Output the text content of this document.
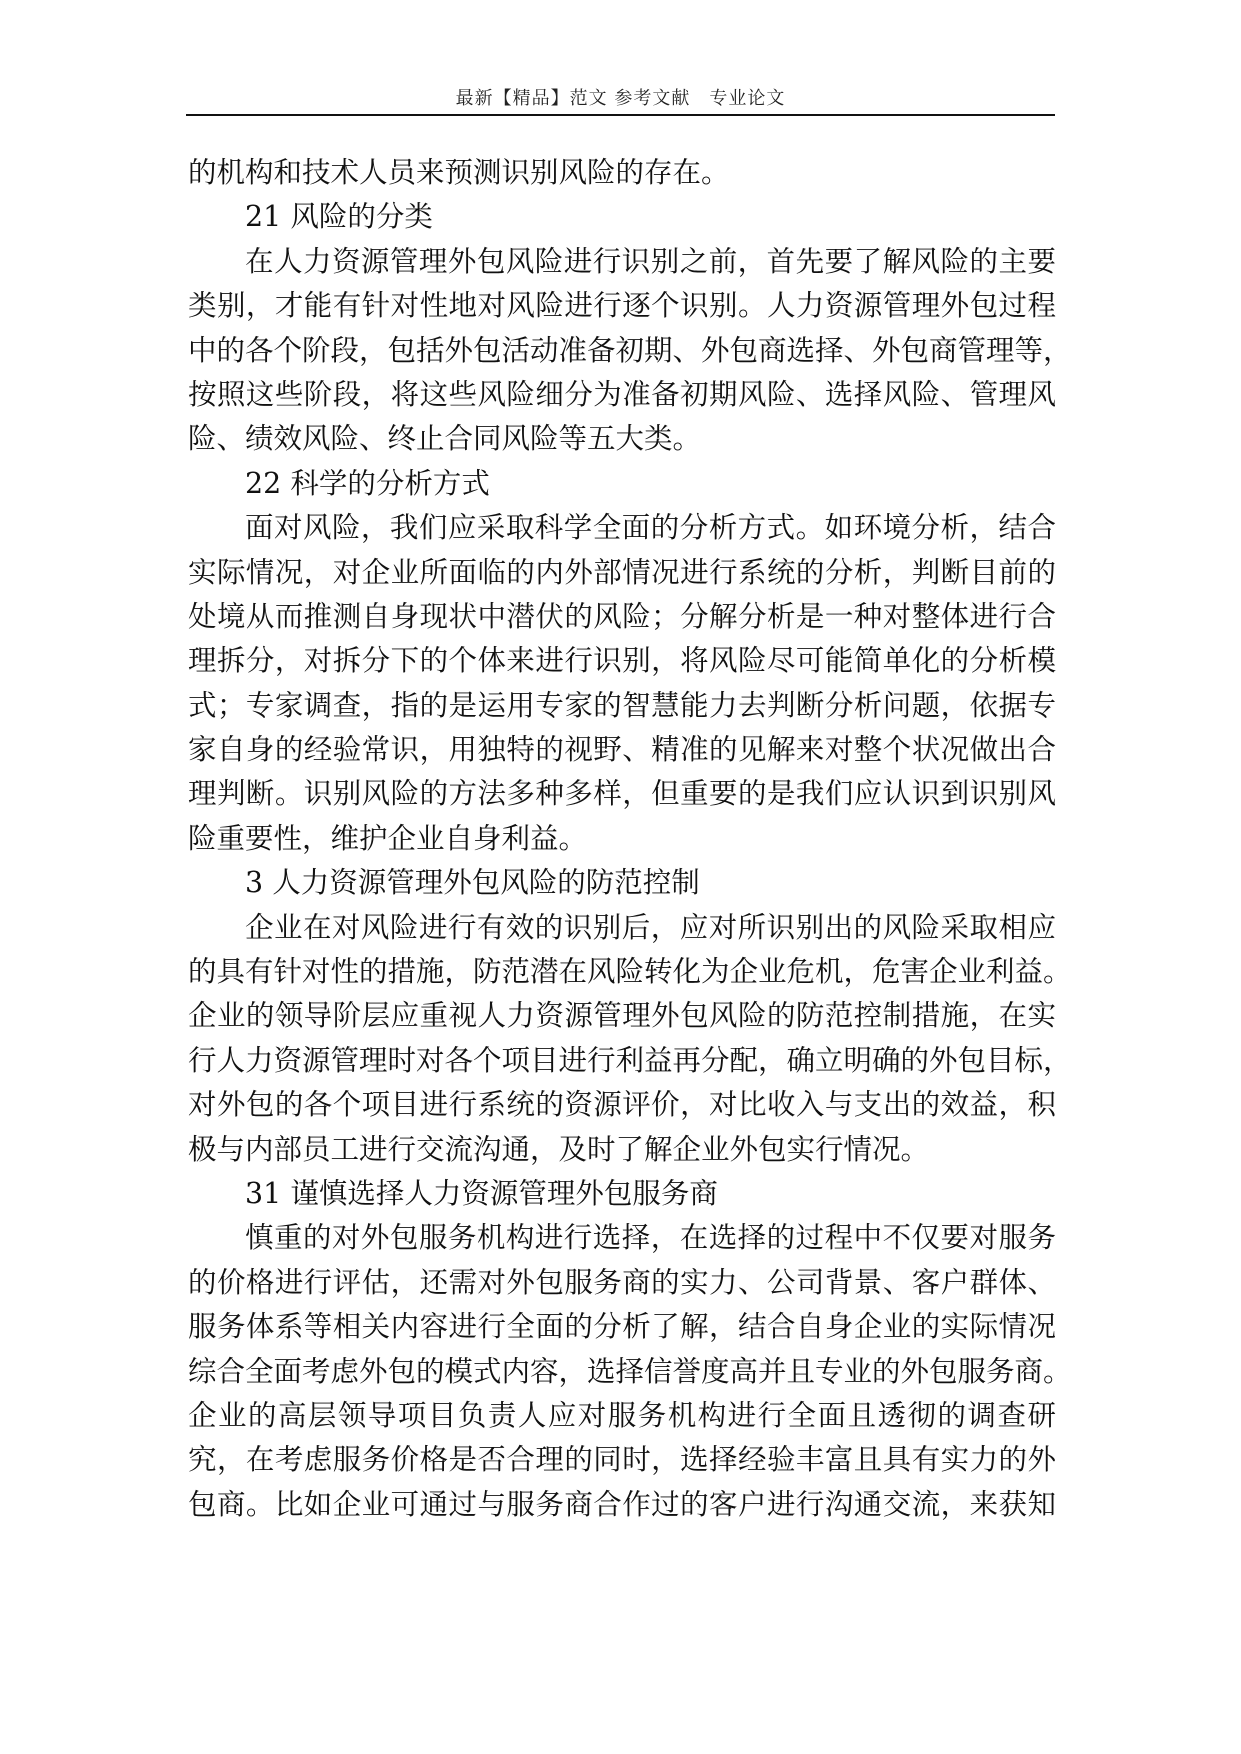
最新【精品】范文 参考文献　专业论文
的机构和技术人员来预测识别风险的存在。
21 风险的分类
在人力资源管理外包风险进行识别之前，首先要了解风险的主要
类别，才能有针对性地对风险进行逐个识别。人力资源管理外包过程
中的各个阶段，包括外包活动准备初期、外包商选择、外包商管理等，
按照这些阶段，将这些风险细分为准备初期风险、选择风险、管理风
险、绩效风险、终止合同风险等五大类。
22 科学的分析方式
面对风险，我们应采取科学全面的分析方式。如环境分析，结合
实际情况，对企业所面临的内外部情况进行系统的分析，判断目前的
处境从而推测自身现状中潜伏的风险；分解分析是一种对整体进行合
理拆分，对拆分下的个体来进行识别，将风险尽可能简单化的分析模
式；专家调查，指的是运用专家的智慧能力去判断分析问题，依据专
家自身的经验常识，用独特的视野、精准的见解来对整个状况做出合
理判断。识别风险的方法多种多样，但重要的是我们应认识到识别风
险重要性，维护企业自身利益。
3 人力资源管理外包风险的防范控制
企业在对风险进行有效的识别后，应对所识别出的风险采取相应
的具有针对性的措施，防范潜在风险转化为企业危机，危害企业利益。
企业的领导阶层应重视人力资源管理外包风险的防范控制措施，在实
行人力资源管理时对各个项目进行利益再分配，确立明确的外包目标，
对外包的各个项目进行系统的资源评价，对比收入与支出的效益，积
极与内部员工进行交流沟通，及时了解企业外包实行情况。
31 谨慎选择人力资源管理外包服务商
慎重的对外包服务机构进行选择，在选择的过程中不仅要对服务
的价格进行评估，还需对外包服务商的实力、公司背景、客户群体、
服务体系等相关内容进行全面的分析了解，结合自身企业的实际情况
综合全面考虑外包的模式内容，选择信誉度高并且专业的外包服务商。
企业的高层领导项目负责人应对服务机构进行全面且透彻的调查研
究，在考虑服务价格是否合理的同时，选择经验丰富且具有实力的外
包商。比如企业可通过与服务商合作过的客户进行沟通交流，来获知
